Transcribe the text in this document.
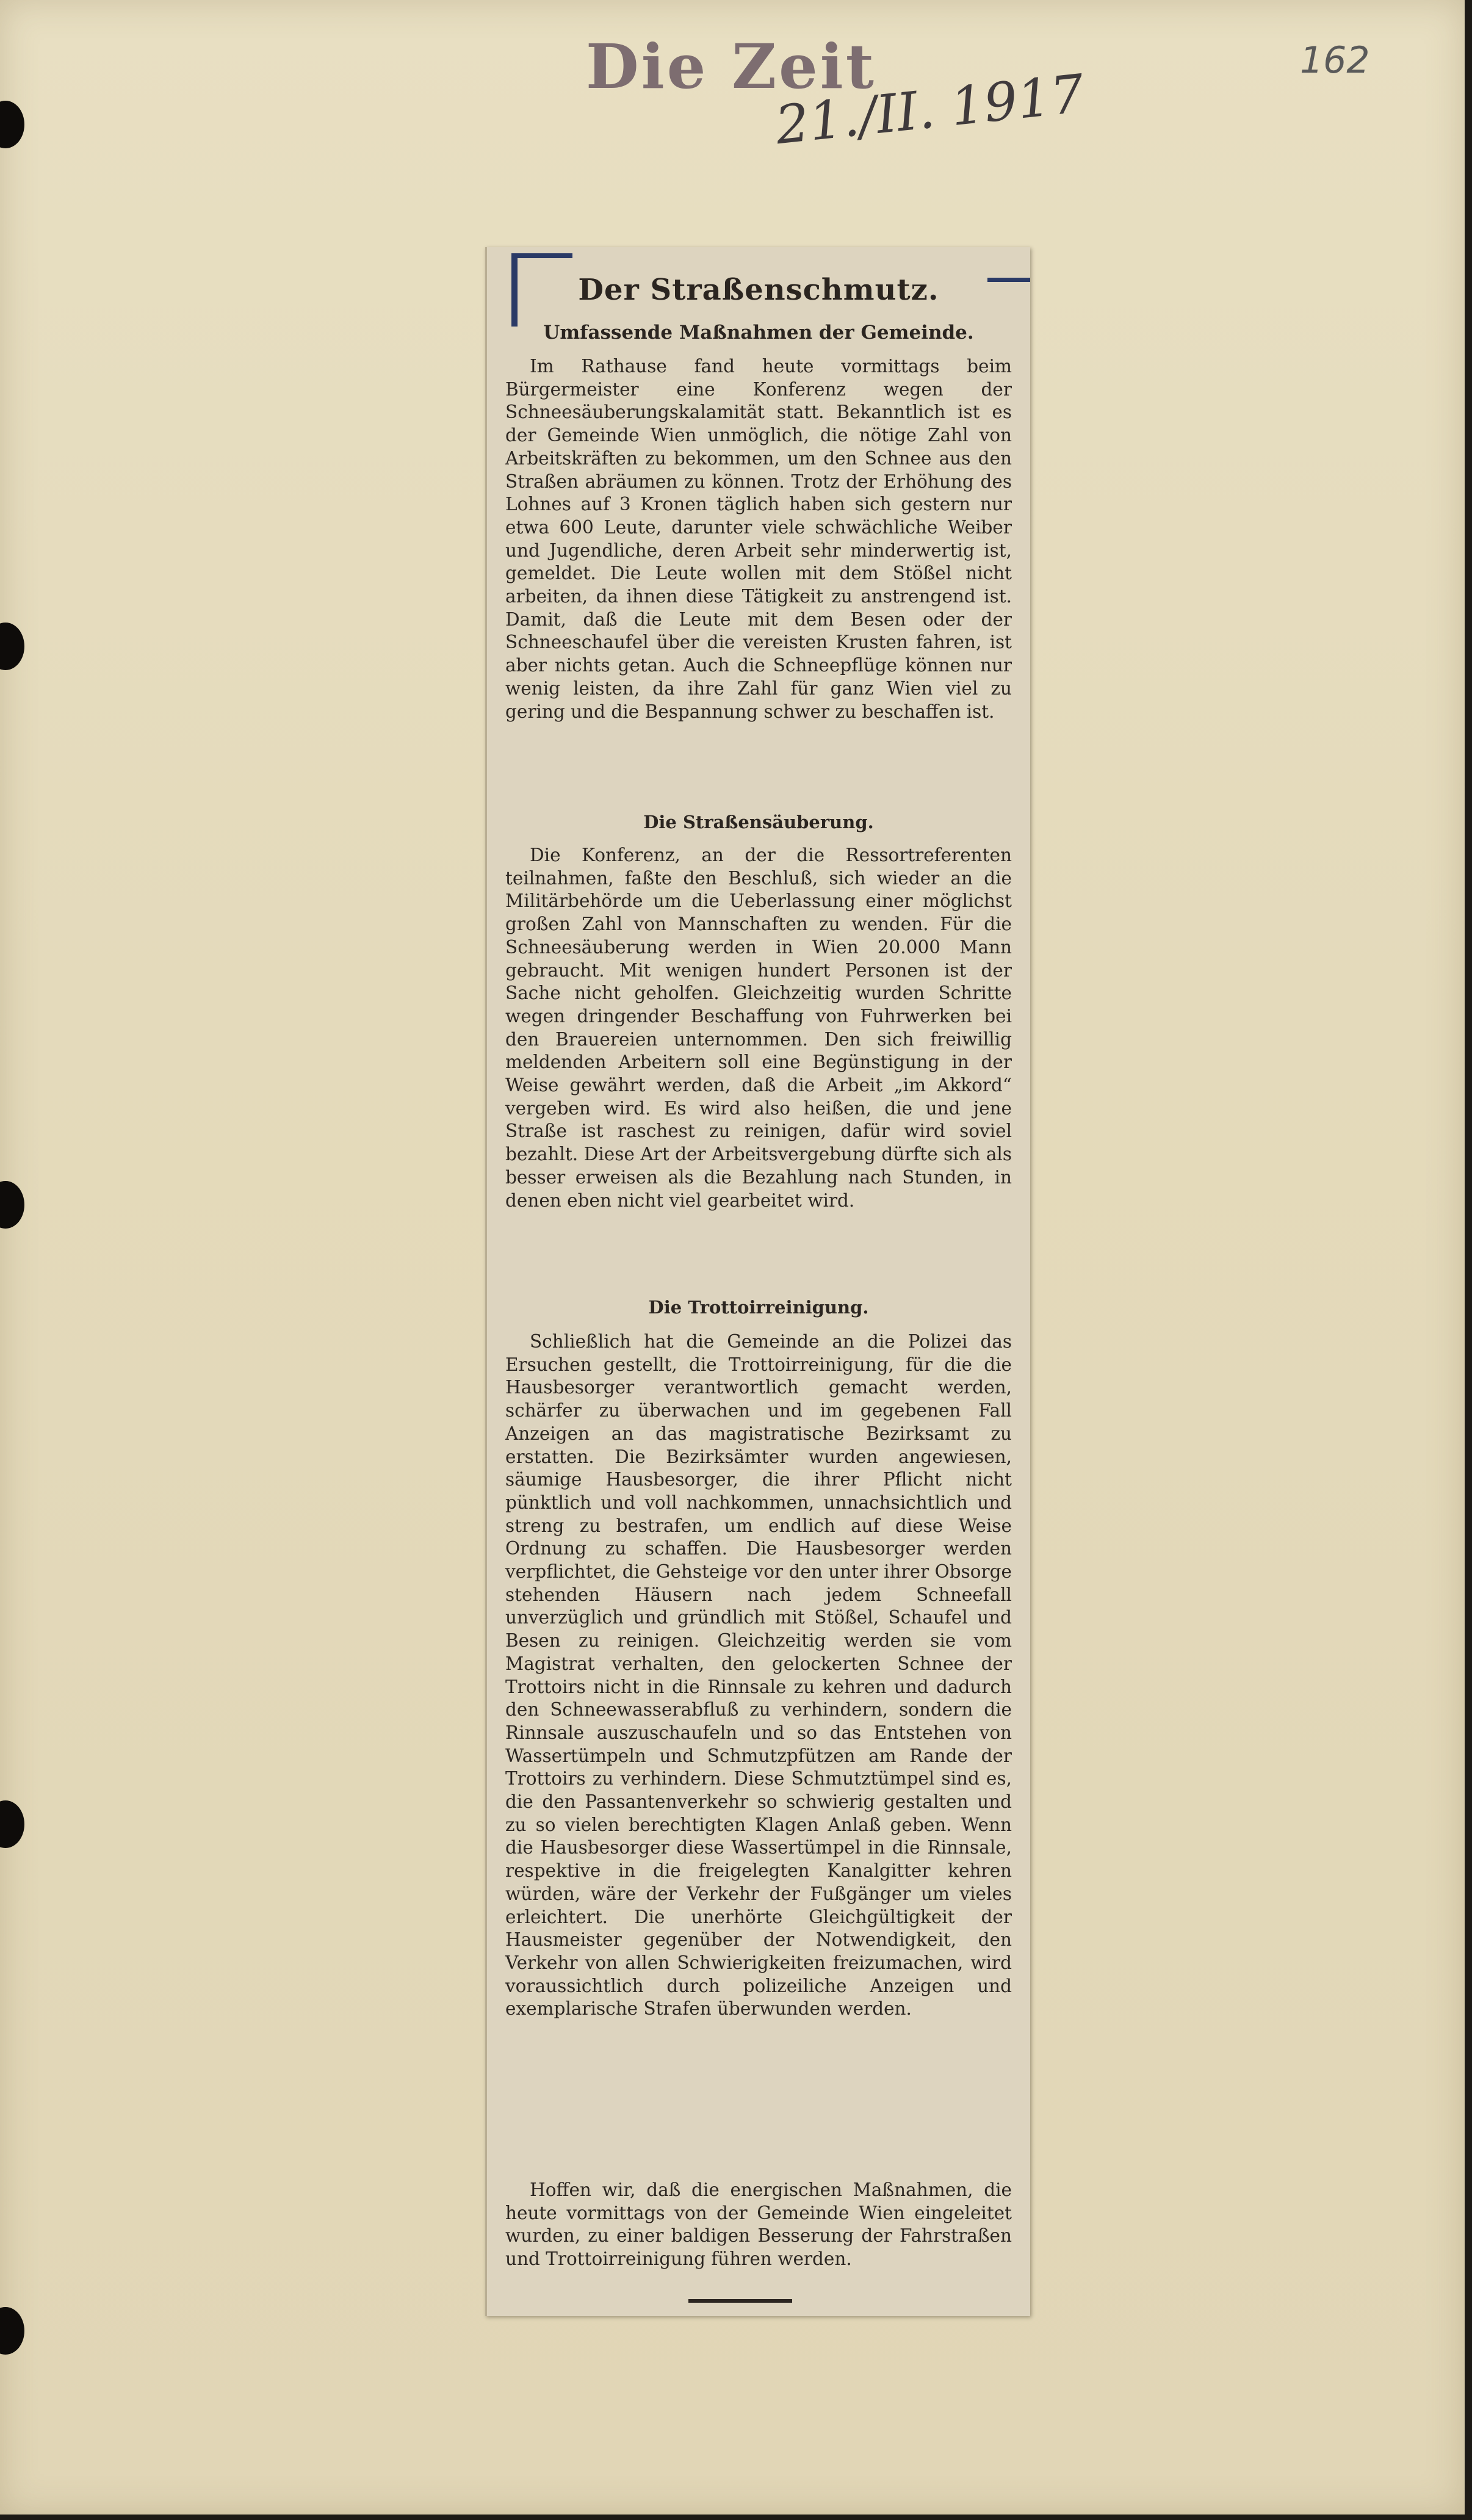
Die Zeit
21./II. 1917
162
Der Straßenschmutz.
Umfassende Maßnahmen der Gemeinde.

Im Rathause fand heute vormittags beim Bürgermeister eine Konferenz wegen der Schneesäuberungskalamität statt. Bekanntlich ist es der Gemeinde Wien unmöglich, die nötige Zahl von Arbeitskräften zu bekommen, um den Schnee aus den Straßen abräumen zu können. Trotz der Erhöhung des Lohnes auf 3 Kronen täglich haben sich gestern nur etwa 600 Leute, darunter viele schwächliche Weiber und Jugendliche, deren Arbeit sehr minderwertig ist, gemeldet. Die Leute wollen mit dem Stößel nicht arbeiten, da ihnen diese Tätigkeit zu anstrengend ist. Damit, daß die Leute mit dem Besen oder der Schneeschaufel über die vereisten Krusten fahren, ist aber nichts getan. Auch die Schneepflüge können nur wenig leisten, da ihre Zahl für ganz Wien viel zu gering und die Bespannung schwer zu beschaffen ist.

Die Straßensäuberung.

Die Konferenz, an der die Ressortreferenten teilnahmen, faßte den Beschluß, sich wieder an die Militärbehörde um die Ueberlassung einer möglichst großen Zahl von Mannschaften zu wenden. Für die Schneesäuberung werden in Wien 20.000 Mann gebraucht. Mit wenigen hundert Personen ist der Sache nicht geholfen. Gleichzeitig wurden Schritte wegen dringender Beschaffung von Fuhrwerken bei den Brauereien unternommen. Den sich freiwillig meldenden Arbeitern soll eine Begünstigung in der Weise gewährt werden, daß die Arbeit „im Akkord“ vergeben wird. Es wird also heißen, die und jene Straße ist raschest zu reinigen, dafür wird soviel bezahlt. Diese Art der Arbeitsvergebung dürfte sich als besser erweisen als die Bezahlung nach Stunden, in denen eben nicht viel gearbeitet wird.

Die Trottoirreinigung.

Schließlich hat die Gemeinde an die Polizei das Ersuchen gestellt, die Trottoirreinigung, für die die Hausbesorger verantwortlich gemacht werden, schärfer zu überwachen und im gegebenen Fall Anzeigen an das magistratische Bezirksamt zu erstatten. Die Bezirksämter wurden angewiesen, säumige Hausbesorger, die ihrer Pflicht nicht pünktlich und voll nachkommen, unnachsichtlich und streng zu bestrafen, um endlich auf diese Weise Ordnung zu schaffen. Die Hausbesorger werden verpflichtet, die Gehsteige vor den unter ihrer Obsorge stehenden Häusern nach jedem Schneefall unverzüglich und gründlich mit Stößel, Schaufel und Besen zu reinigen. Gleichzeitig werden sie vom Magistrat verhalten, den gelockerten Schnee der Trottoirs nicht in die Rinnsale zu kehren und dadurch den Schneewasserabfluß zu verhindern, sondern die Rinnsale auszuschaufeln und so das Entstehen von Wassertümpeln und Schmutzpfützen am Rande der Trottoirs zu verhindern. Diese Schmutztümpel sind es, die den Passantenverkehr so schwierig gestalten und zu so vielen berechtigten Klagen Anlaß geben. Wenn die Hausbesorger diese Wassertümpel in die Rinnsale, respektive in die freigelegten Kanalgitter kehren würden, wäre der Verkehr der Fußgänger um vieles erleichtert. Die unerhörte Gleichgültigkeit der Hausmeister gegenüber der Notwendigkeit, den Verkehr von allen Schwierigkeiten freizumachen, wird voraussichtlich durch polizeiliche Anzeigen und exemplarische Strafen überwunden werden.

Hoffen wir, daß die energischen Maßnahmen, die heute vormittags von der Gemeinde Wien eingeleitet wurden, zu einer baldigen Besserung der Fahrstraßen und Trottoirreinigung führen werden.
